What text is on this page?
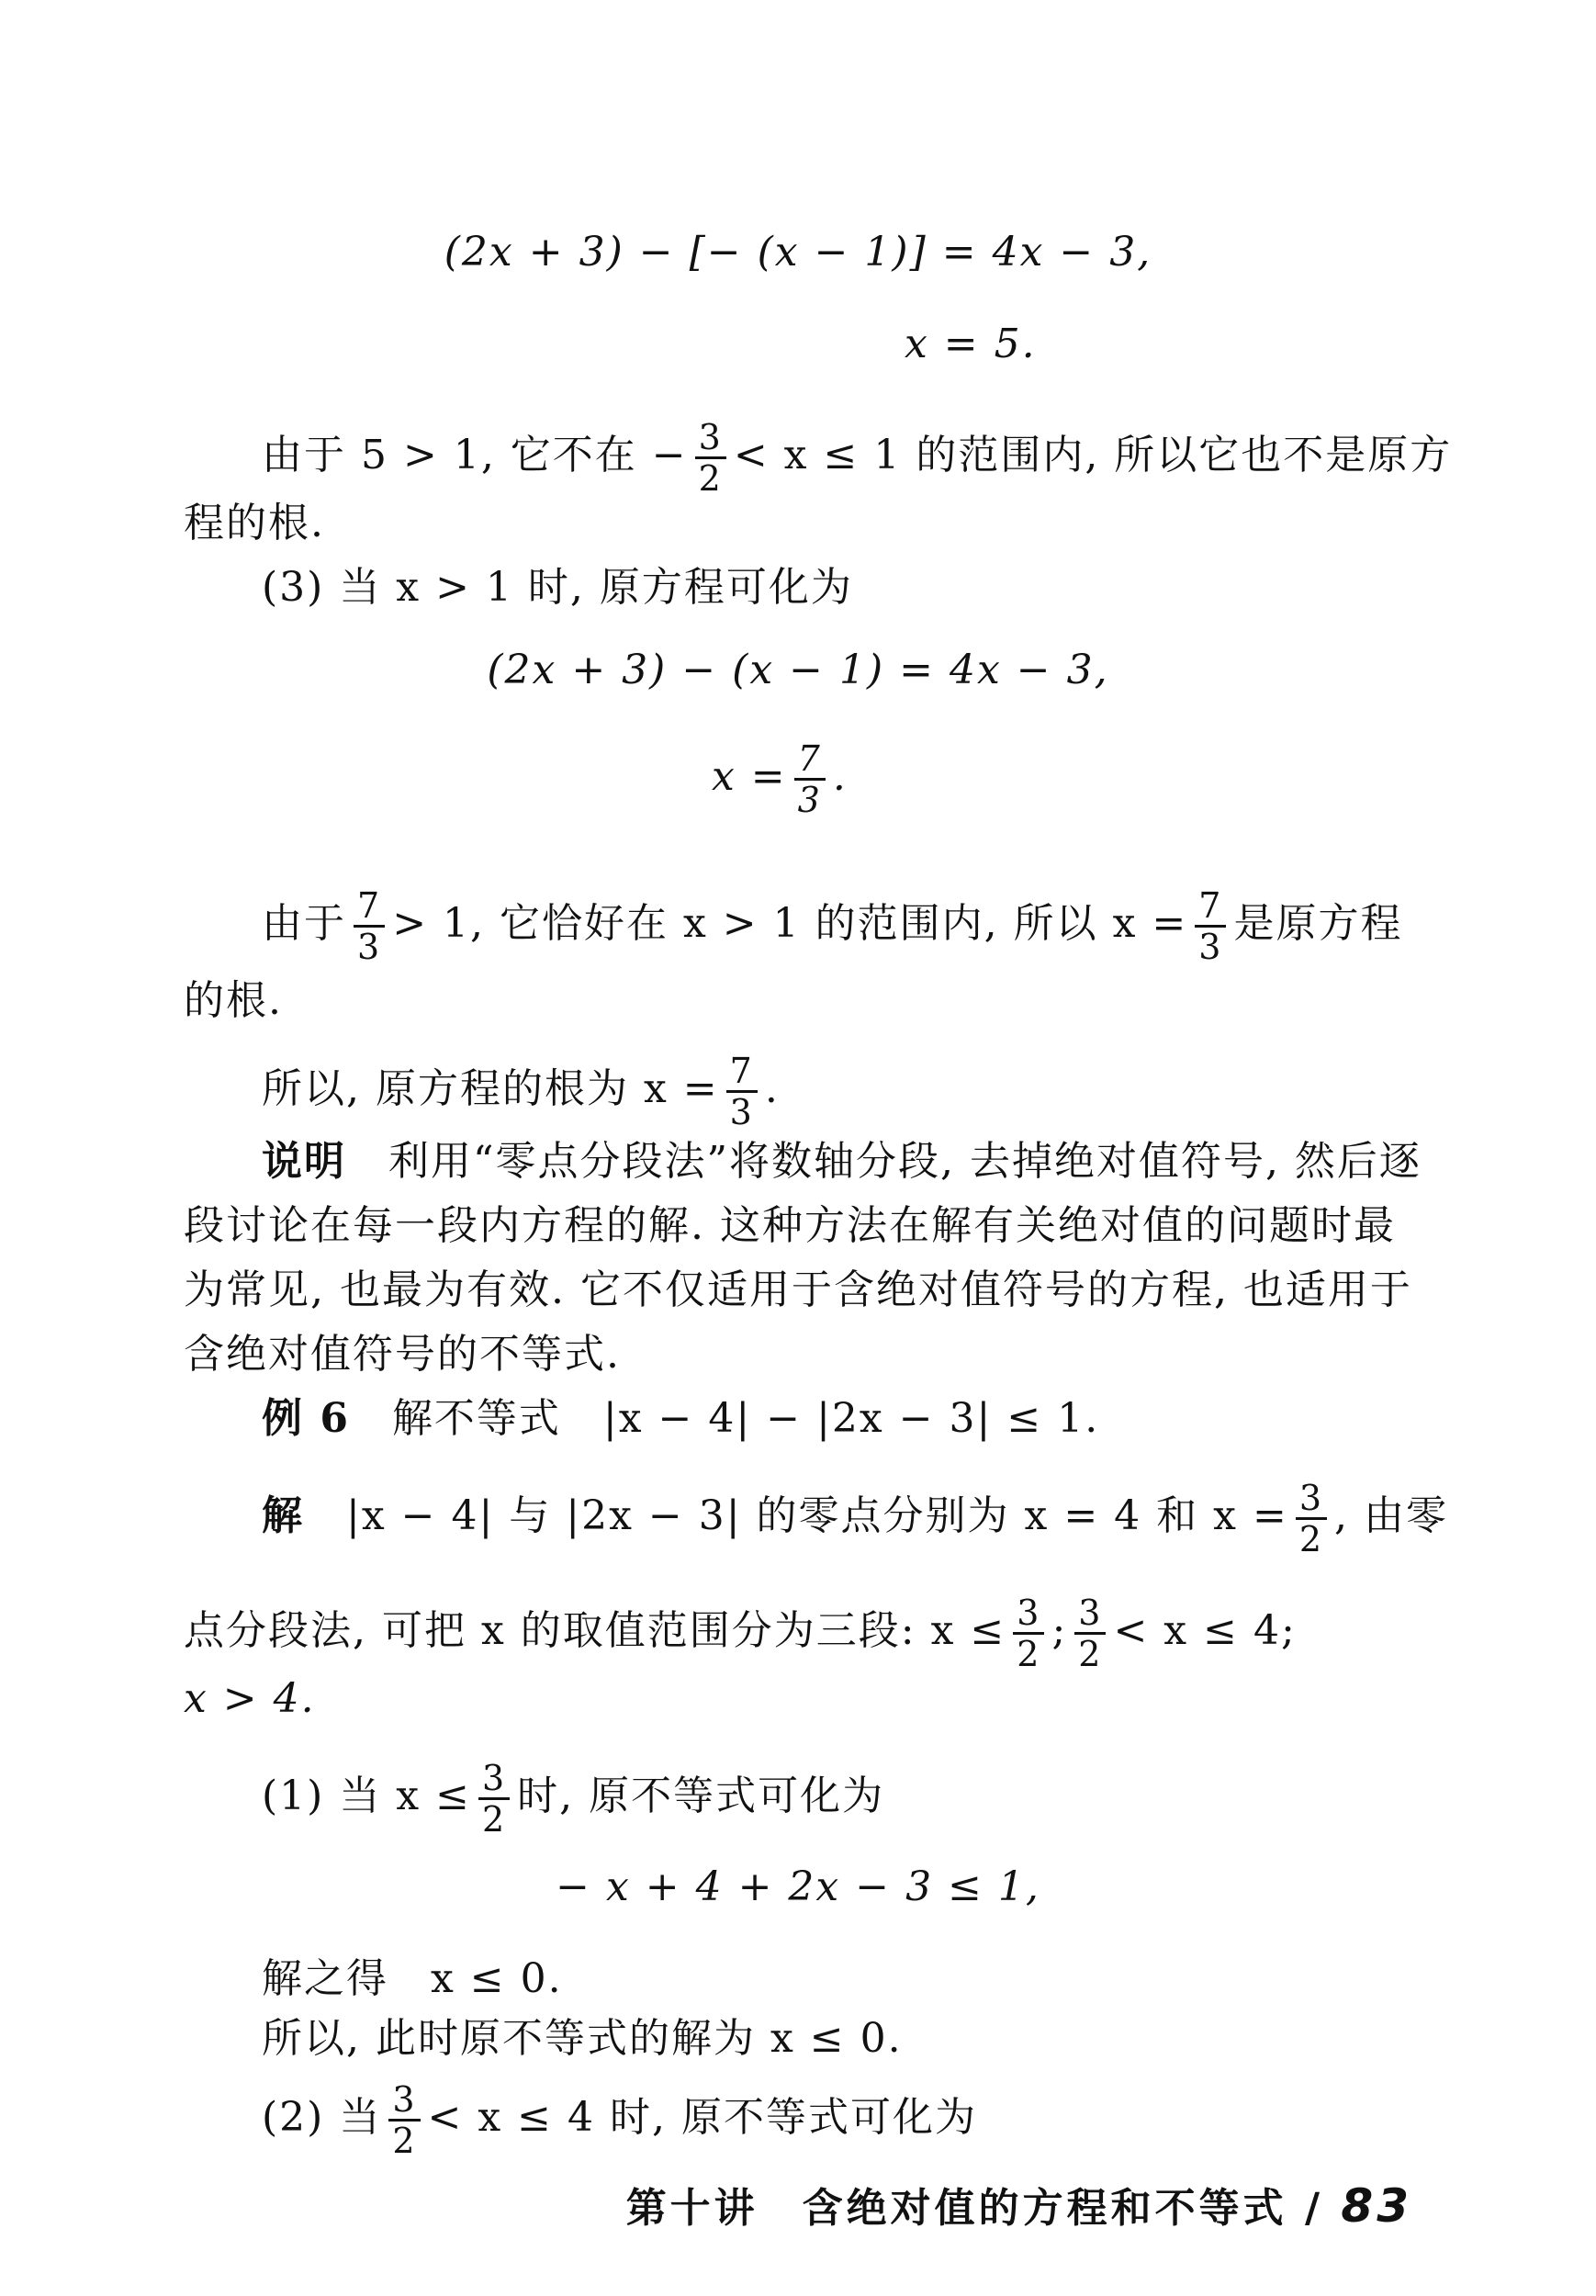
(2x + 3) − [− (x − 1)] = 4x − 3,
x = 5.
由于 5 > 1, 它不在 − $\frac{3}{2} < x \le 1$ 的范围内, 所以它也不是原方
程的根.
(3) 当 x > 1 时, 原方程可化为
(2x + 3) − (x − 1) = 4x − 3,
$x = \frac{7}{3}$ .
由于 $\frac{7}{3} > 1$, 它恰好在 x > 1 的范围内, 所以 $x = \frac{7}{3}$ 是原方程
的根.
所以, 原方程的根为 $x = \frac{7}{3}$ .
说明　 利用“零点分段法”将数轴分段, 去掉绝对值符号, 然后逐
段讨论在每一段内方程的解. 这种方法在解有关绝对值的问题时最
为常见, 也最为有效. 它不仅适用于含绝对值符号的方程, 也适用于
含绝对值符号的不等式.
例 6　 解不等式　|x − 4| − |2x − 3| ≤ 1.
解　 |x − 4| 与 |2x − 3| 的零点分别为 x = 4 和 $x = \frac{3}{2}$ , 由零
点分段法, 可把 x 的取值范围分为三段: $x \le \frac{3}{2}$ ; $\frac{3}{2} < x \le 4$;
x > 4.
(1) 当 $x \le \frac{3}{2}$ 时, 原不等式可化为
− x + 4 + 2x − 3 ≤ 1,
解之得　x ≤ 0.
所以, 此时原不等式的解为 x ≤ 0.
(2) 当 $\frac{3}{2} < x \le 4$ 时, 原不等式可化为
第十讲　含绝对值的方程和不等式 / 83
